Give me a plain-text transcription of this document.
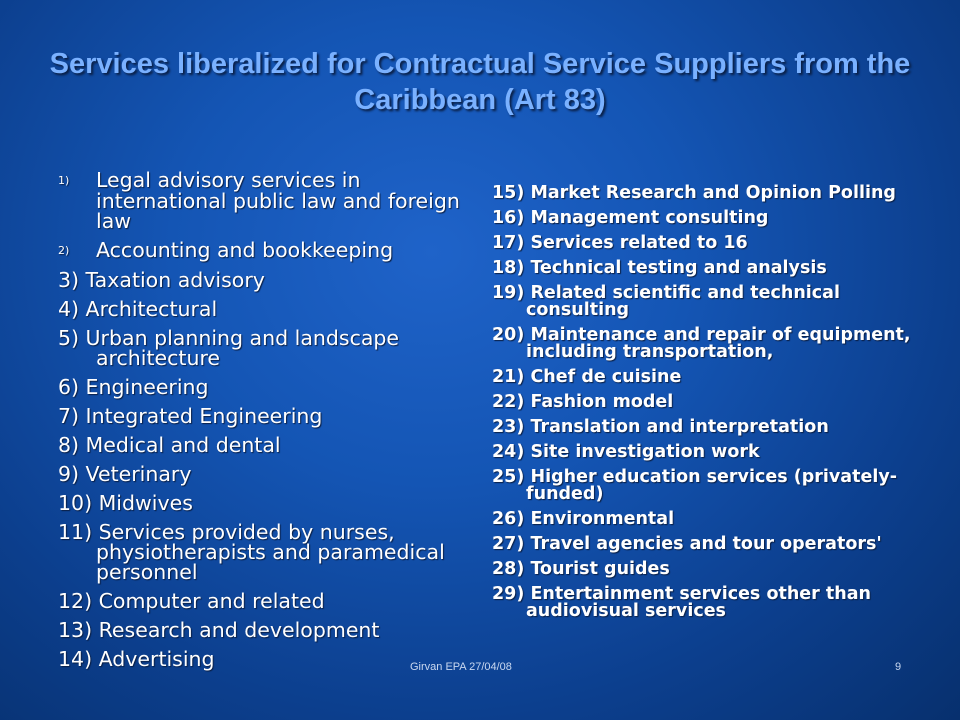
Services liberalized for Contractual Service Suppliers from the Caribbean (Art 83)
1) Legal advisory services in international public law and foreign law
2) Accounting and bookkeeping
3) Taxation advisory
4) Architectural
5) Urban planning and landscape architecture
6) Engineering
7) Integrated Engineering
8) Medical and dental
9) Veterinary
10) Midwives
11) Services provided by nurses, physiotherapists and paramedical personnel
12) Computer and related
13) Research and development
14) Advertising
15) Market Research and Opinion Polling
16) Management consulting
17) Services related to 16
18) Technical testing and analysis
19) Related scientific and technical consulting
20) Maintenance and repair of equipment, including transportation,
21) Chef de cuisine
22) Fashion model
23) Translation and interpretation
24) Site investigation work
25) Higher education services (privately-funded)
26) Environmental
27) Travel agencies and tour operators'
28) Tourist guides
29) Entertainment services other than audiovisual services
Girvan EPA 27/04/08	9
